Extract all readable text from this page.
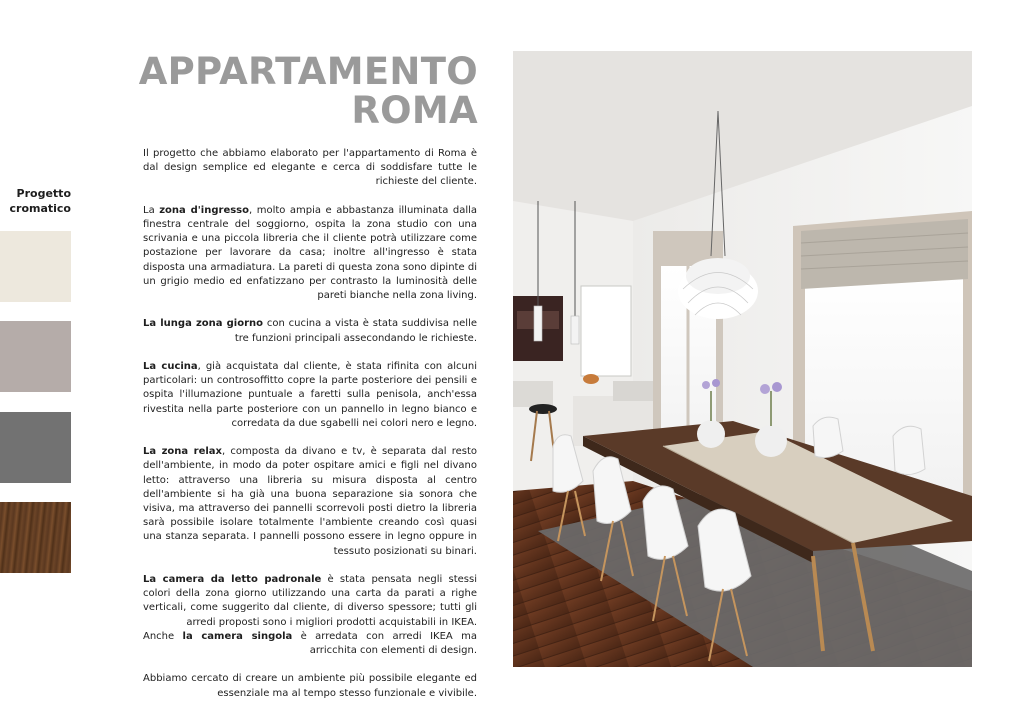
APPARTAMENTO
ROMA
Progetto
cromatico

Il progetto che abbiamo elaborato per l'appartamento di Roma è dal design semplice ed elegante e cerca di soddisfare tutte le richieste del cliente.

La zona d'ingresso, molto ampia e abbastanza illuminata dalla finestra centrale del soggiorno, ospita la zona studio con una scrivania e una piccola libreria che il cliente potrà utilizzare come postazione per lavorare da casa; inoltre all'ingresso è stata disposta una armadiatura. La pareti di questa zona sono dipinte di un grigio medio ed enfatizzano per contrasto la luminosità delle pareti bianche nella zona living.

La lunga zona giorno con cucina a vista è stata suddivisa nelle tre funzioni principali assecondando le richieste.

La cucina, già acquistata dal cliente, è stata rifinita con alcuni particolari: un controsoffitto copre la parte posteriore dei pensili e ospita l'illumazione puntuale a faretti sulla penisola, anch'essa rivestita nella parte posteriore con un pannello in legno bianco e corredata da due sgabelli nei colori nero e legno.

La zona relax, composta da divano e tv, è separata dal resto dell'ambiente, in modo da poter ospitare amici e figli nel divano letto: attraverso una libreria su misura disposta al centro dell'ambiente si ha già una buona separazione sia sonora che visiva, ma attraverso dei pannelli scorrevoli posti dietro la libreria sarà possibile isolare totalmente l'ambiente creando così quasi una stanza separata. I pannelli possono essere in legno oppure in tessuto posizionati su binari.

La camera da letto padronale è stata pensata negli stessi colori della zona giorno utilizzando una carta da parati a righe verticali, come suggerito dal cliente, di diverso spessore; tutti gli arredi proposti sono i migliori prodotti acquistabili in IKEA.
Anche la camera singola è arredata con arredi IKEA ma arricchita con elementi di design.

Abbiamo cercato di creare un ambiente più possibile elegante ed essenziale ma al tempo stesso funzionale e vivibile.
